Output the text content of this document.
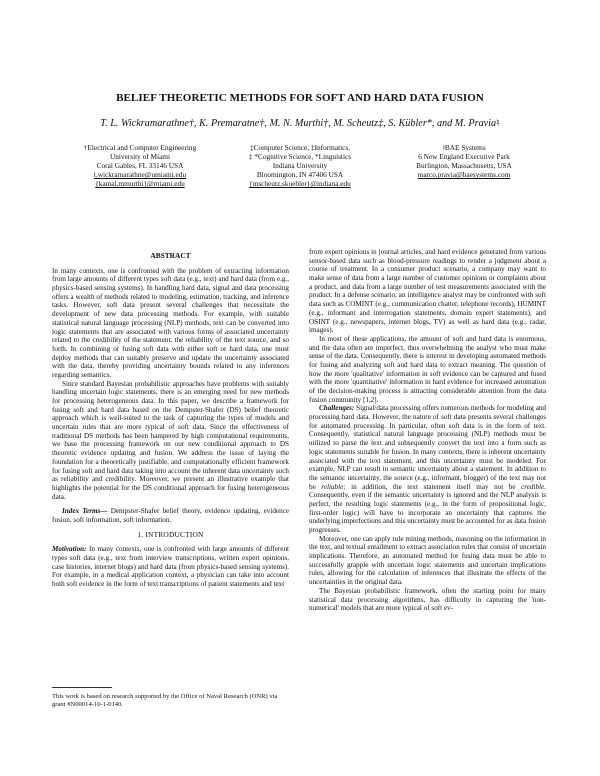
BELIEF THEORETIC METHODS FOR SOFT AND HARD DATA FUSION
T. L. Wickramarathne†, K. Premaratne†, M. N. Murthi†, M. Scheutz‡, S. Kübler*, and M. Pravia♮
†Electrical and Computer Engineering
University of Miami
Coral Gables, FL 33146 USA
t.wickramarathne@umiami.edu
{kamal,mmurthi}@miami.edu
‡Computer Science, ‡Informatics,
‡ *Cognitive Science, *Linguistics
Indiana University
Bloomington, IN 47406 USA
{mscheutz,skuebler}@indiana.edu
♮BAE Systems
6 New England Executive Park
Burlington, Massachusetts, USA
marco.pravia@baesystems.com
ABSTRACT

In many contexts, one is confronted with the problem of extracting information from large amounts of different types soft data (e.g., text) and hard data (from e.g., physics-based sensing systems). In handling hard data, signal and data processing offers a wealth of methods related to modeling, estimation, tracking, and inference tasks. However, soft data present several challenges that necessitate the development of new data processing methods. For example, with suitable statistical natural language processing (NLP) methods, text can be converted into logic statements that are associated with various forms of associated uncertainty related to the credibility of the statement, the reliability of the text source, and so forth. In combining or fusing soft data with either soft or hard data, one must deploy methods that can suitably preserve and update the uncertainty associated with the data, thereby providing uncertainty bounds related to any inferences regarding semantics.

Since standard Bayesian probabilistic approaches have problems with suitably handling uncertain logic statements, there is an emerging need for new methods for processing heterogeneous data. In this paper, we describe a framework for fusing soft and hard data based on the Dempster-Shafer (DS) belief theoretic approach which is well-suited to the task of capturing the types of models and uncertain rules that are more typical of soft data. Since the effectiveness of traditional DS methods has been hampered by high computational requirements, we base the processing framework on our new conditional approach to DS theoretic evidence updating and fusion. We address the issue of laying the foundation for a theoretically justifiable, and computationally efficient framework for fusing soft and hard data taking into account the inherent data uncertainty such as reliability and credibility. Moreover, we present an illustrative example that highlights the potential for the DS conditional approach for fusing heterogeneous data.

Index Terms— Dempster-Shafer belief theory, evidence updating, evidence fusion, soft information, soft information.

1. INTRODUCTION

Motivation: In many contexts, one is confronted with large amounts of different types soft data (e.g., text from interview transcriptions, written expert opinions, case histories, internet blogs) and hard data (from physics-based sensing systems). For example, in a medical application context, a physician can take into account both soft evidence in the form of text transcriptions of patient statements and text

This work is based on research supported by the Office of Naval Research (ONR) via grant #N00014-10-1-0140.

from expert opinions in journal articles, and hard evidence generated from various sensor-based data such as blood-pressure readings to render a judgment about a course of treatment. In a consumer product scenario, a company may want to make sense of data from a large number of customer opinions or complaints about a product, and data from a large number of test measurements associated with the product. In a defense scenario, an intelligence analyst may be confronted with soft data such as COMINT (e.g., communication chatter, telephone records), HUMINT (e.g., informant and interrogation statements, domain expert statements), and OSINT (e.g., newspapers, internet blogs, TV) as well as hard data (e.g., radar, images).

In most of these applications, the amount of soft and hard data is enormous, and the data often are imperfect, thus overwhelming the analyst who must make sense of the data. Consequently, there is interest in developing automated methods for fusing and analyzing soft and hard data to extract meaning. The question of how the more 'qualitative' information in soft evidence can be captured and fused with the more 'quantitative' information in hard evidence for increased automation of the decision-making process is attracting considerable attention from the data fusion community [1,2].

Challenges: Signal/data processing offers numerous methods for modeling and processing hard data. However, the nature of soft data presents several challenges for automated processing. In particular, often soft data is in the form of text. Consequently, statistical natural language processing (NLP) methods must be utilized to parse the text and subsequently convert the text into a form such as logic statements suitable for fusion. In many contexts, there is inherent uncertainty associated with the text statement, and this uncertainty must be modeled. For example, NLP can result in semantic uncertainty about a statement. In addition to the semantic uncertainty, the source (e.g., informant, blogger) of the text may not be reliable; in addition, the text statement itself may not be credible. Consequently, even if the semantic uncertainty is ignored and the NLP analysis is perfect, the resulting logic statements (e.g., in the form of propositional logic, first-order logic) will have to incorporate an uncertainty that captures the underlying imperfections and this uncertainty must be accounted for as data fusion progresses.

Moreover, one can apply rule mining methods, reasoning on the information in the text, and textual entailment to extract association rules that consist of uncertain implications. Therefore, an automated method for fusing data must be able to successfully grapple with uncertain logic statements and uncertain implications rules, allowing for the calculation of inferences that illustrate the effects of the uncertainties in the original data.

The Bayesian probabilistic framework, often the starting point for many statistical data processing algorithms, has difficulty in capturing the 'non-numerical' models that are more typical of soft ev-
